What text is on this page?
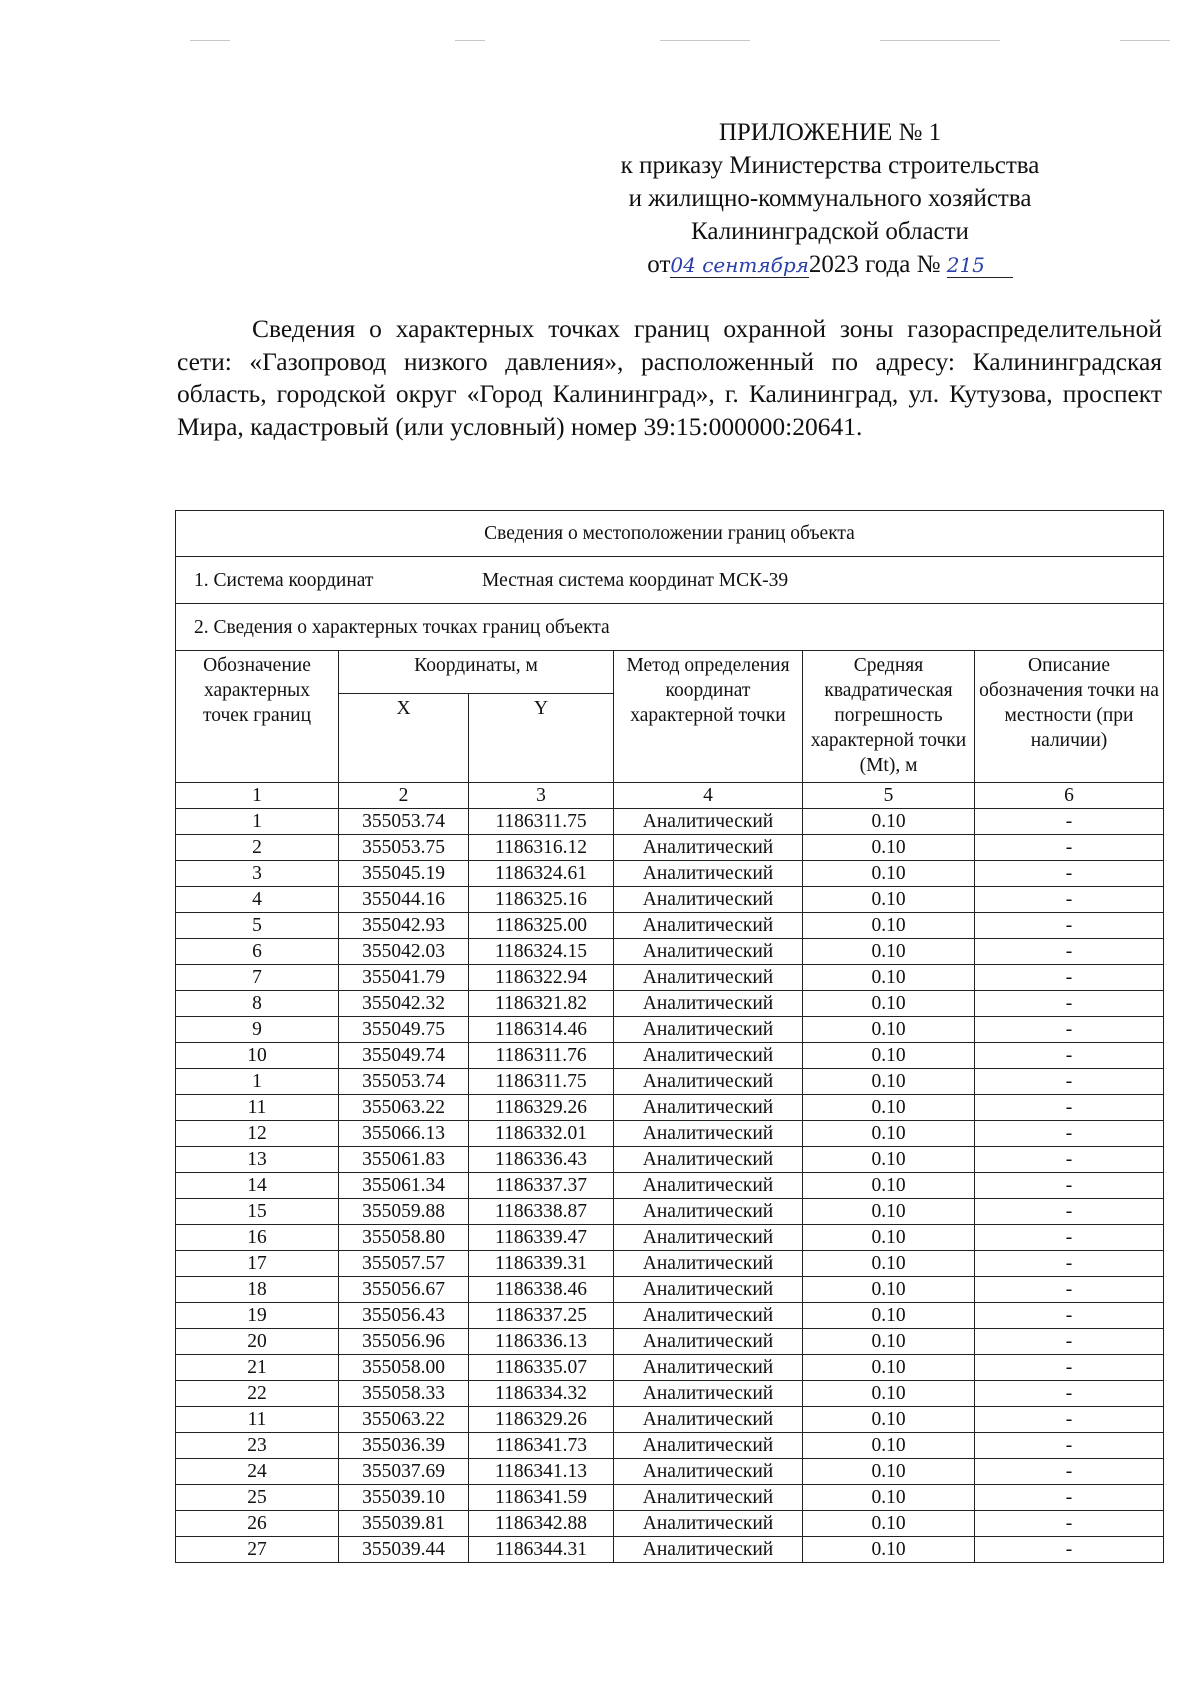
ПРИЛОЖЕНИЕ № 1
к приказу Министерства строительства
и жилищно-коммунального хозяйства
Калининградской области
от04 сентября2023 года № 215
Сведения о характерных точках границ охранной зоны газораспределительной сети: «Газопровод низкого давления», расположенный по адресу: Калининградская область, городской округ «Город Калининград», г. Калининград, ул. Кутузова, проспект Мира, кадастровый (или условный) номер 39:15:000000:20641.
Сведения о местоположении границ объекта					
1. Система координат Местная система координат МСК-39					
2. Сведения о характерных точках границ объекта					
Обозначение характерных точек границ	Координаты, м		Метод определения координат характерной точки	Средняя квадратическая погрешность характерной точки (Mt), м	Описание обозначения точки на местности (при наличии)
	X	Y			
1	2	3	4	5	6
1	355053.74	1186311.75	Аналитический	0.10	-
2	355053.75	1186316.12	Аналитический	0.10	-
3	355045.19	1186324.61	Аналитический	0.10	-
4	355044.16	1186325.16	Аналитический	0.10	-
5	355042.93	1186325.00	Аналитический	0.10	-
6	355042.03	1186324.15	Аналитический	0.10	-
7	355041.79	1186322.94	Аналитический	0.10	-
8	355042.32	1186321.82	Аналитический	0.10	-
9	355049.75	1186314.46	Аналитический	0.10	-
10	355049.74	1186311.76	Аналитический	0.10	-
1	355053.74	1186311.75	Аналитический	0.10	-
11	355063.22	1186329.26	Аналитический	0.10	-
12	355066.13	1186332.01	Аналитический	0.10	-
13	355061.83	1186336.43	Аналитический	0.10	-
14	355061.34	1186337.37	Аналитический	0.10	-
15	355059.88	1186338.87	Аналитический	0.10	-
16	355058.80	1186339.47	Аналитический	0.10	-
17	355057.57	1186339.31	Аналитический	0.10	-
18	355056.67	1186338.46	Аналитический	0.10	-
19	355056.43	1186337.25	Аналитический	0.10	-
20	355056.96	1186336.13	Аналитический	0.10	-
21	355058.00	1186335.07	Аналитический	0.10	-
22	355058.33	1186334.32	Аналитический	0.10	-
11	355063.22	1186329.26	Аналитический	0.10	-
23	355036.39	1186341.73	Аналитический	0.10	-
24	355037.69	1186341.13	Аналитический	0.10	-
25	355039.10	1186341.59	Аналитический	0.10	-
26	355039.81	1186342.88	Аналитический	0.10	-
27	355039.44	1186344.31	Аналитический	0.10	-
